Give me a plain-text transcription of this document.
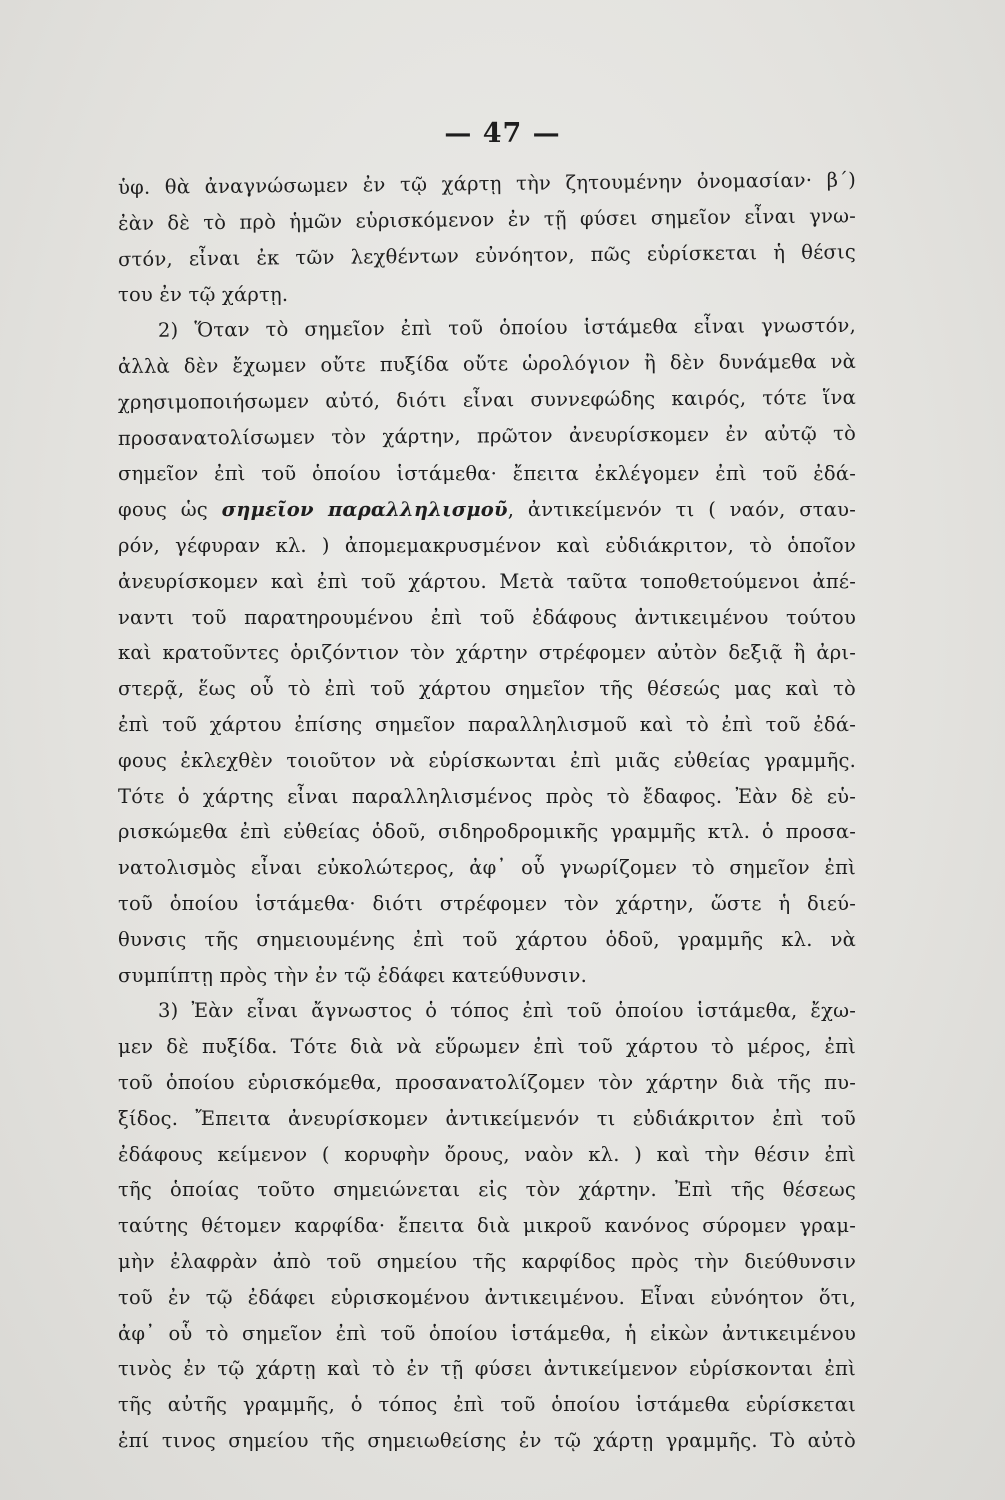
— 47 —
ὑφ. θὰ ἀναγνώσωμεν ἐν τῷ χάρτῃ τὴν ζητουμένην ὀνομασίαν· β΄)
ἐὰν δὲ τὸ πρὸ ἡμῶν εὑρισκόμενον ἐν τῇ φύσει σημεῖον εἶναι γνω-
στόν, εἶναι ἐκ τῶν λεχθέντων εὐνόητον, πῶς εὑρίσκεται ἡ θέσις
του ἐν τῷ χάρτῃ.
2) Ὅταν τὸ σημεῖον ἐπὶ τοῦ ὁποίου ἱστάμεθα εἶναι γνωστόν,
ἀλλὰ δὲν ἔχωμεν οὔτε πυξίδα οὔτε ὡρολόγιον ἢ δὲν δυνάμεθα νὰ
χρησιμοποιήσωμεν αὐτό, διότι εἶναι συννεφώδης καιρός, τότε ἵνα
προσανατολίσωμεν τὸν χάρτην, πρῶτον ἀνευρίσκομεν ἐν αὐτῷ τὸ
σημεῖον ἐπὶ τοῦ ὁποίου ἱστάμεθα· ἔπειτα ἐκλέγομεν ἐπὶ τοῦ ἐδά-
φους ὡς σημεῖον παραλληλισμοῦ, ἀντικείμενόν τι ( ναόν, σταυ-
ρόν, γέφυραν κλ. ) ἀπομεμακρυσμένον καὶ εὐδιάκριτον, τὸ ὁποῖον
ἀνευρίσκομεν καὶ ἐπὶ τοῦ χάρτου. Μετὰ ταῦτα τοποθετούμενοι ἀπέ-
ναντι τοῦ παρατηρουμένου ἐπὶ τοῦ ἐδάφους ἀντικειμένου τούτου
καὶ κρατοῦντες ὁριζόντιον τὸν χάρτην στρέφομεν αὐτὸν δεξιᾷ ἢ ἀρι-
στερᾷ, ἕως οὗ τὸ ἐπὶ τοῦ χάρτου σημεῖον τῆς θέσεώς μας καὶ τὸ
ἐπὶ τοῦ χάρτου ἐπίσης σημεῖον παραλληλισμοῦ καὶ τὸ ἐπὶ τοῦ ἐδά-
φους ἐκλεχθὲν τοιοῦτον νὰ εὑρίσκωνται ἐπὶ μιᾶς εὐθείας γραμμῆς.
Τότε ὁ χάρτης εἶναι παραλληλισμένος πρὸς τὸ ἔδαφος. Ἐὰν δὲ εὑ-
ρισκώμεθα ἐπὶ εὐθείας ὁδοῦ, σιδηροδρομικῆς γραμμῆς κτλ. ὁ προσα-
νατολισμὸς εἶναι εὐκολώτερος, ἀφ᾽ οὗ γνωρίζομεν τὸ σημεῖον ἐπὶ
τοῦ ὁποίου ἱστάμεθα· διότι στρέφομεν τὸν χάρτην, ὥστε ἡ διεύ-
θυνσις τῆς σημειουμένης ἐπὶ τοῦ χάρτου ὁδοῦ, γραμμῆς κλ. νὰ
συμπίπτῃ πρὸς τὴν ἐν τῷ ἐδάφει κατεύθυνσιν.
3) Ἐὰν εἶναι ἄγνωστος ὁ τόπος ἐπὶ τοῦ ὁποίου ἱστάμεθα, ἔχω-
μεν δὲ πυξίδα. Τότε διὰ νὰ εὕρωμεν ἐπὶ τοῦ χάρτου τὸ μέρος, ἐπὶ
τοῦ ὁποίου εὑρισκόμεθα, προσανατολίζομεν τὸν χάρτην διὰ τῆς πυ-
ξίδος. Ἔπειτα ἀνευρίσκομεν ἀντικείμενόν τι εὐδιάκριτον ἐπὶ τοῦ
ἐδάφους κείμενον ( κορυφὴν ὄρους, ναὸν κλ. ) καὶ τὴν θέσιν ἐπὶ
τῆς ὁποίας τοῦτο σημειώνεται εἰς τὸν χάρτην. Ἐπὶ τῆς θέσεως
ταύτης θέτομεν καρφίδα· ἔπειτα διὰ μικροῦ κανόνος σύρομεν γραμ-
μὴν ἐλαφρὰν ἀπὸ τοῦ σημείου τῆς καρφίδος πρὸς τὴν διεύθυνσιν
τοῦ ἐν τῷ ἐδάφει εὑρισκομένου ἀντικειμένου. Εἶναι εὐνόητον ὅτι,
ἀφ᾽ οὗ τὸ σημεῖον ἐπὶ τοῦ ὁποίου ἱστάμεθα, ἡ εἰκὼν ἀντικειμένου
τινὸς ἐν τῷ χάρτῃ καὶ τὸ ἐν τῇ φύσει ἀντικείμενον εὑρίσκονται ἐπὶ
τῆς αὐτῆς γραμμῆς, ὁ τόπος ἐπὶ τοῦ ὁποίου ἱστάμεθα εὑρίσκεται
ἐπί τινος σημείου τῆς σημειωθείσης ἐν τῷ χάρτῃ γραμμῆς. Τὸ αὐτὸ
